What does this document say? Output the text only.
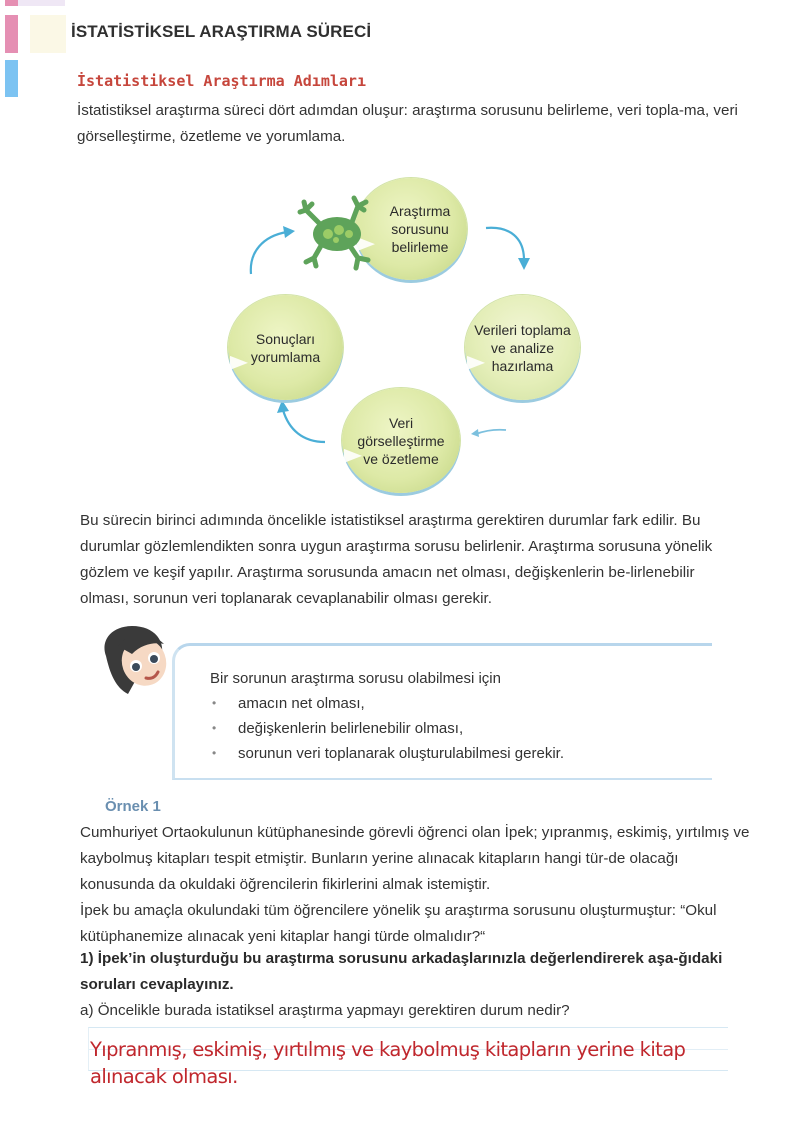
İSTATİSTİKSEL ARAŞTIRMA SÜRECİ
İstatistiksel Araştırma Adımları

İstatistiksel araştırma süreci dört adımdan oluşur: araştırma sorusunu belirleme, veri topla-ma, veri görselleştirme, özetleme ve yorumlama.

Araştırma sorusunu belirleme
Verileri toplama ve analize hazırlama
Veri görselleştirme ve özetleme
Sonuçları yorumlama

Bu sürecin birinci adımında öncelikle istatistiksel araştırma gerektiren durumlar fark edilir. Bu durumlar gözlemlendikten sonra uygun araştırma sorusu belirlenir. Araştırma sorusuna yönelik gözlem ve keşif yapılır. Araştırma sorusunda amacın net olması, değişkenlerin be-lirlenebilir olması, sorunun veri toplanarak cevaplanabilir olması gerekir.

Bir sorunun araştırma sorusu olabilmesi için

• amacın net olması,
• değişkenlerin belirlenebilir olması,
• sorunun veri toplanarak oluşturulabilmesi gerekir.
Örnek 1

Cumhuriyet Ortaokulunun kütüphanesinde görevli öğrenci olan İpek; yıpranmış, eskimiş, yırtılmış ve kaybolmuş kitapları tespit etmiştir. Bunların yerine alınacak kitapların hangi tür-de olacağı konusunda da okuldaki öğrencilerin fikirlerini almak istemiştir.
İpek bu amaçla okulundaki tüm öğrencilere yönelik şu araştırma sorusunu oluşturmuştur: “Okul kütüphanemize alınacak yeni kitaplar hangi türde olmalıdır?“

1) İpek’in oluşturduğu bu araştırma sorusunu arkadaşlarınızla değerlendirerek aşa-ğıdaki soruları cevaplayınız.

a) Öncelikle burada istatiksel araştırma yapmayı gerektiren durum nedir?

Yıpranmış, eskimiş, yırtılmış ve kaybolmuş kitapların yerine kitap alınacak olması.
